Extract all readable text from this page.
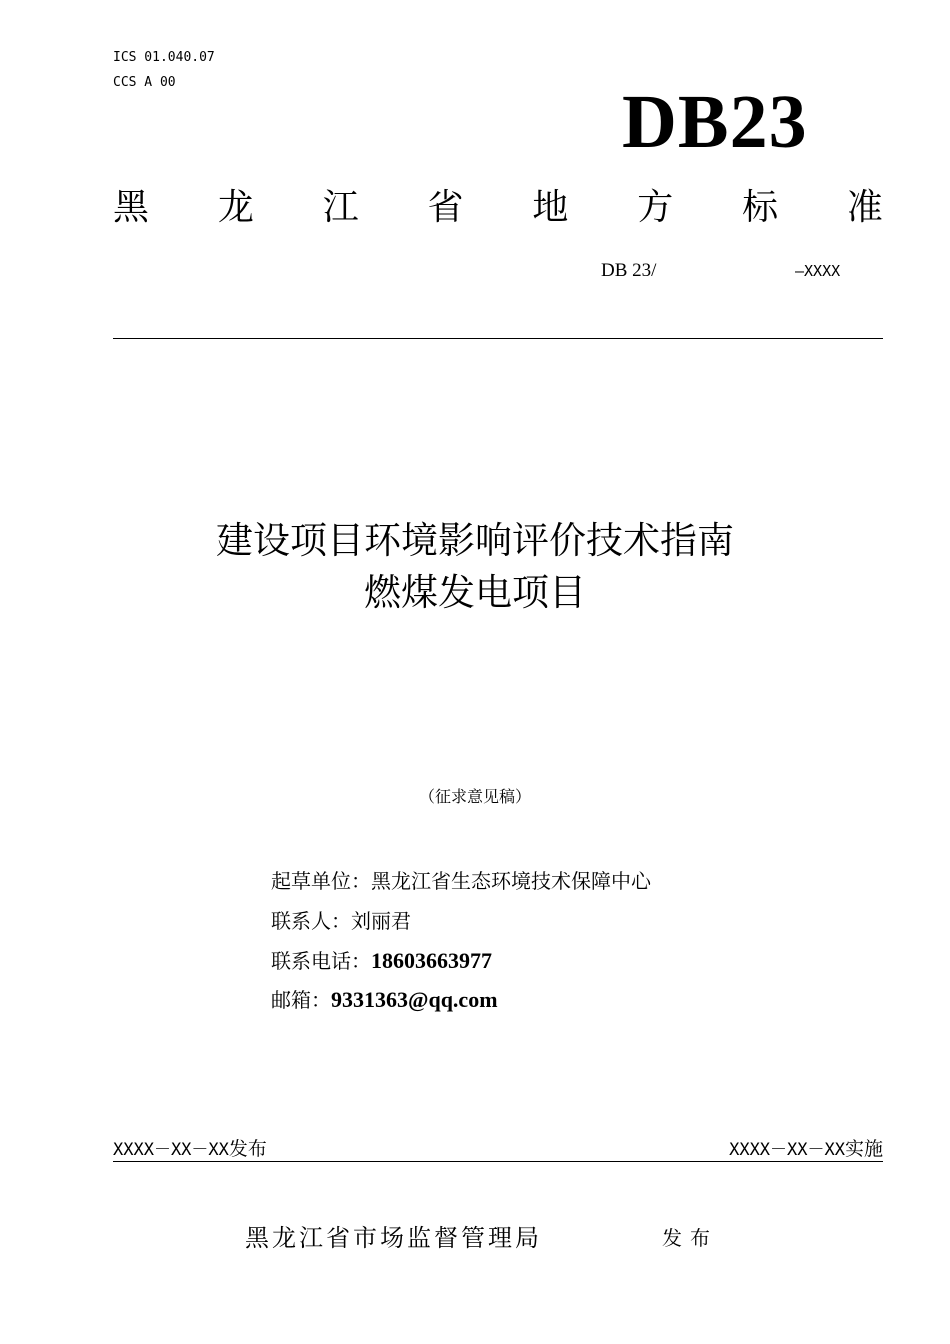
ICS 01.040.07
CCS A 00	DB23
黑 龙 江 省 地 方 标 准
DB 23/	—XXXX
建设项目环境影响评价技术指南
燃煤发电项目
（征求意见稿）
起草单位：黑龙江省生态环境技术保障中心
联系人：刘丽君
联系电话：18603663977
邮箱：9331363@qq.com
XXXX－XX－XX发布	XXXX－XX－XX实施
黑龙江省市场监督管理局	发布
